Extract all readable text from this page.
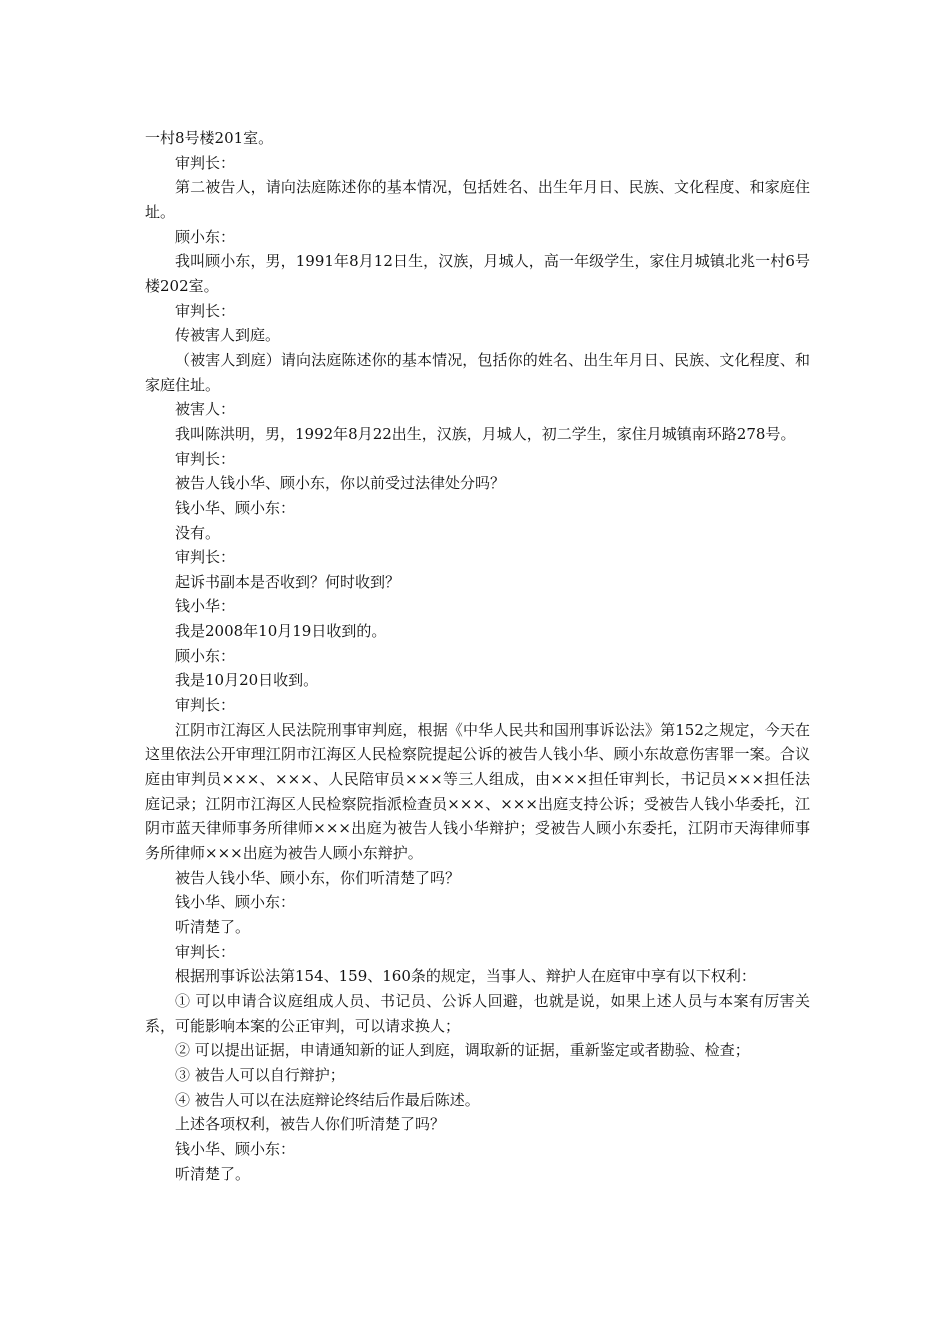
一村8号楼201室。

审判长：

第二被告人，请向法庭陈述你的基本情况，包括姓名、出生年月日、民族、文化程度、和家庭住址。

顾小东：

我叫顾小东，男，1991年8月12日生，汉族，月城人，高一年级学生，家住月城镇北兆一村6号楼202室。

审判长：

传被害人到庭。

（被害人到庭）请向法庭陈述你的基本情况，包括你的姓名、出生年月日、民族、文化程度、和家庭住址。

被害人：

我叫陈洪明，男，1992年8月22出生，汉族，月城人，初二学生，家住月城镇南环路278号。

审判长：

被告人钱小华、顾小东，你以前受过法律处分吗？

钱小华、顾小东：

没有。

审判长：

起诉书副本是否收到？何时收到？

钱小华：

我是2008年10月19日收到的。

顾小东：

我是10月20日收到。

审判长：

江阴市江海区人民法院刑事审判庭，根据《中华人民共和国刑事诉讼法》第152之规定，今天在这里依法公开审理江阴市江海区人民检察院提起公诉的被告人钱小华、顾小东故意伤害罪一案。合议庭由审判员×××、×××、人民陪审员×××等三人组成，由×××担任审判长，书记员×××担任法庭记录；江阴市江海区人民检察院指派检查员×××、×××出庭支持公诉；受被告人钱小华委托，江阴市蓝天律师事务所律师×××出庭为被告人钱小华辩护；受被告人顾小东委托，江阴市天海律师事务所律师×××出庭为被告人顾小东辩护。

被告人钱小华、顾小东，你们听清楚了吗？

钱小华、顾小东：

听清楚了。

审判长：

根据刑事诉讼法第154、159、160条的规定，当事人、辩护人在庭审中享有以下权利：

① 可以申请合议庭组成人员、书记员、公诉人回避，也就是说，如果上述人员与本案有厉害关系，可能影响本案的公正审判，可以请求换人；

② 可以提出证据，申请通知新的证人到庭，调取新的证据，重新鉴定或者勘验、检查；

③ 被告人可以自行辩护；

④ 被告人可以在法庭辩论终结后作最后陈述。

上述各项权利，被告人你们听清楚了吗？

钱小华、顾小东：

听清楚了。
